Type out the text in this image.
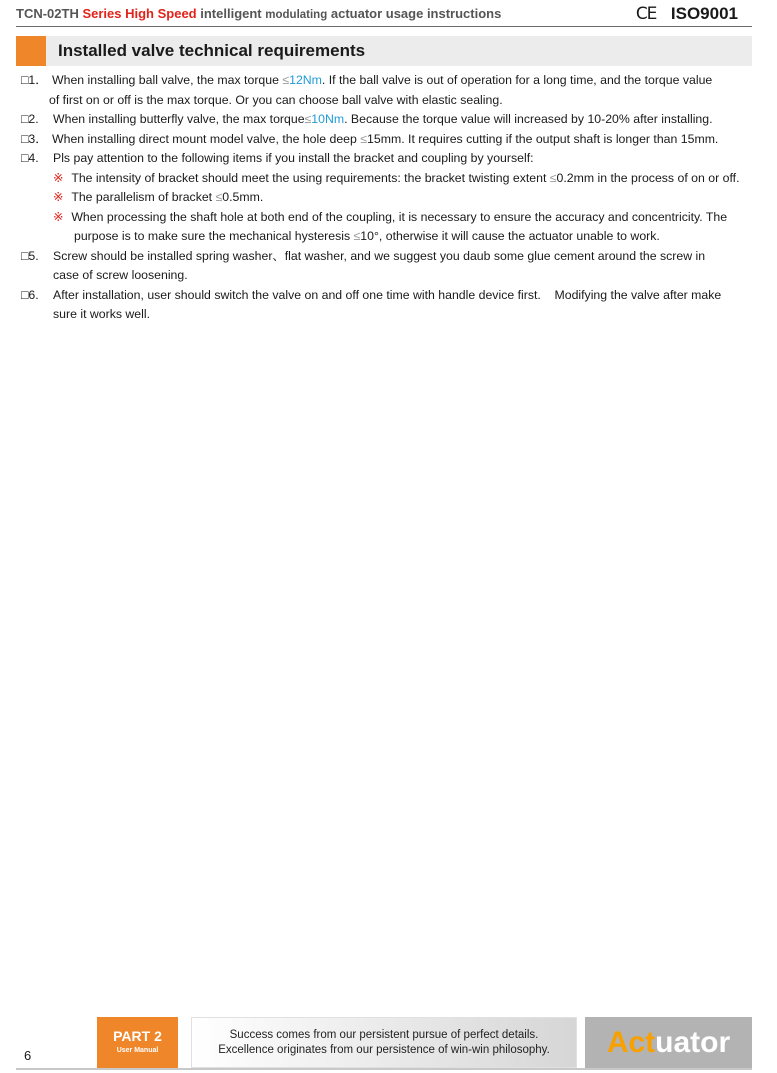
TCN-02TH Series High Speed intelligent modulating actuator usage instructions	CE ISO9001
Installed valve technical requirements
□1． When installing ball valve, the max torque ≤12Nm. If the ball valve is out of operation for a long time, and the torque value
of first on or off is the max torque. Or you can choose ball valve with elastic sealing.
□2. When installing butterfly valve, the max torque≤10Nm. Because the torque value will increased by 10-20% after installing.
□3． When installing direct mount model valve, the hole deep ≤15mm. It requires cutting if the output shaft is longer than 15mm.
□4. Pls pay attention to the following items if you install the bracket and coupling by yourself:
※ The intensity of bracket should meet the using requirements: the bracket twisting extent ≤0.2mm in the process of on or off.
※ The parallelism of bracket ≤0.5mm.
※ When processing the shaft hole at both end of the coupling, it is necessary to ensure the accuracy and concentricity. The
purpose is to make sure the mechanical hysteresis ≤10°, otherwise it will cause the actuator unable to work.
□5. Screw should be installed spring washer、flat washer, and we suggest you daub some glue cement around the screw in
case of screw loosening.
□6. After installation, user should switch the valve on and off one time with handle device first.    Modifying the valve after make
sure it works well.
6
PART 2
User Manual
Success comes from our persistent pursue of perfect details.
Excellence originates from our persistence of win-win philosophy.	Actuator
